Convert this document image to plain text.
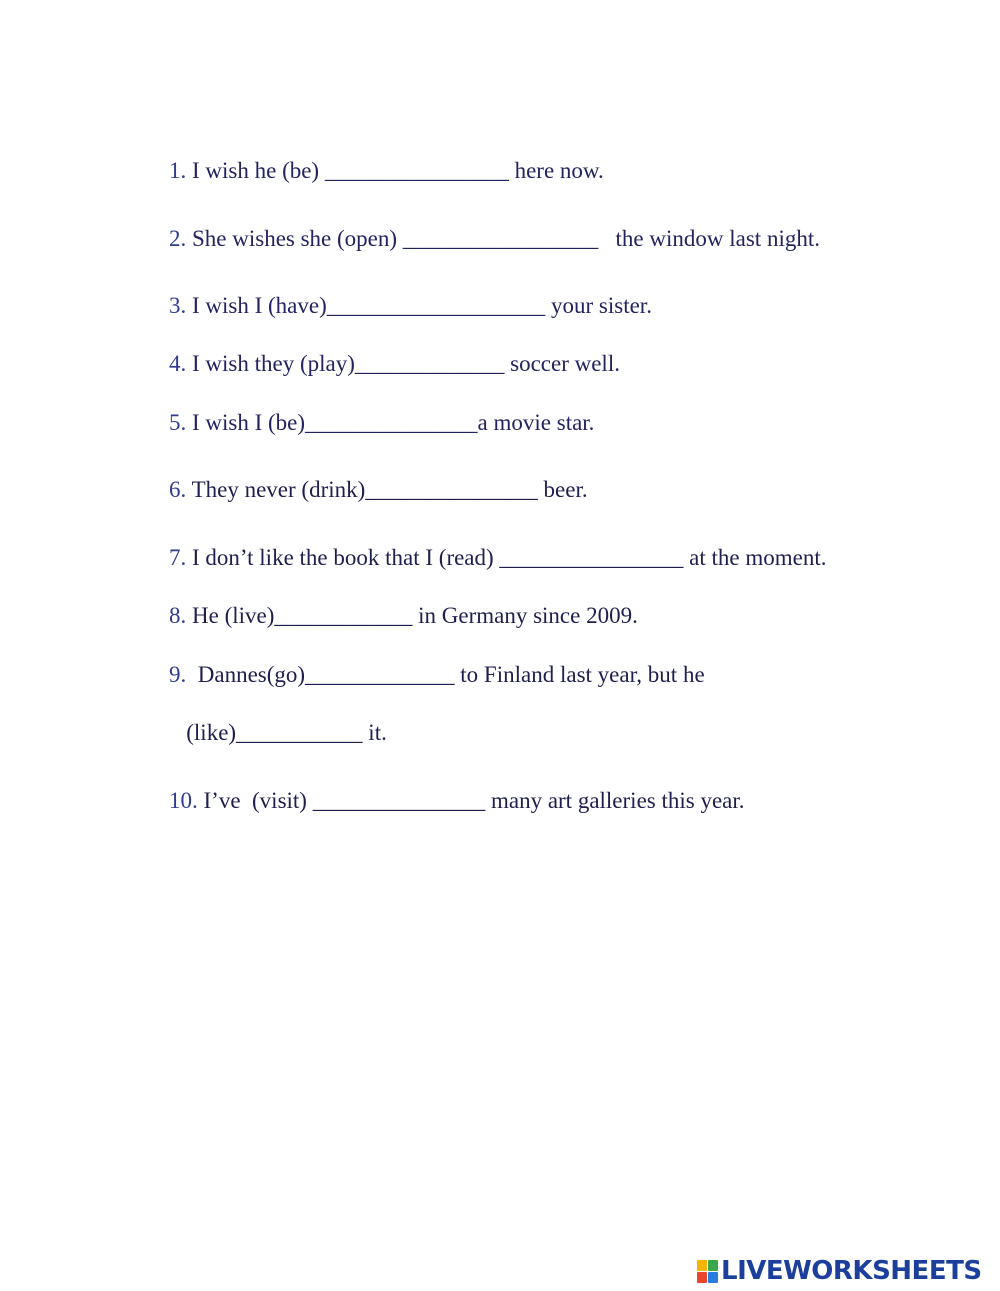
1. I wish he (be) ________________ here now.

2. She wishes she (open) _________________   the window last night.

3. I wish I (have)___________________ your sister.

4. I wish they (play)_____________ soccer well.

5. I wish I (be)_______________a movie star.

6. They never (drink)_______________ beer.

7. I don’t like the book that I (read) ________________ at the moment.

8. He (live)____________ in Germany since 2009.

9.  Dannes(go)_____________ to Finland last year, but he

(like)___________ it.

10. I’ve  (visit) _______________ many art galleries this year.

LIVEWORKSHEETS
